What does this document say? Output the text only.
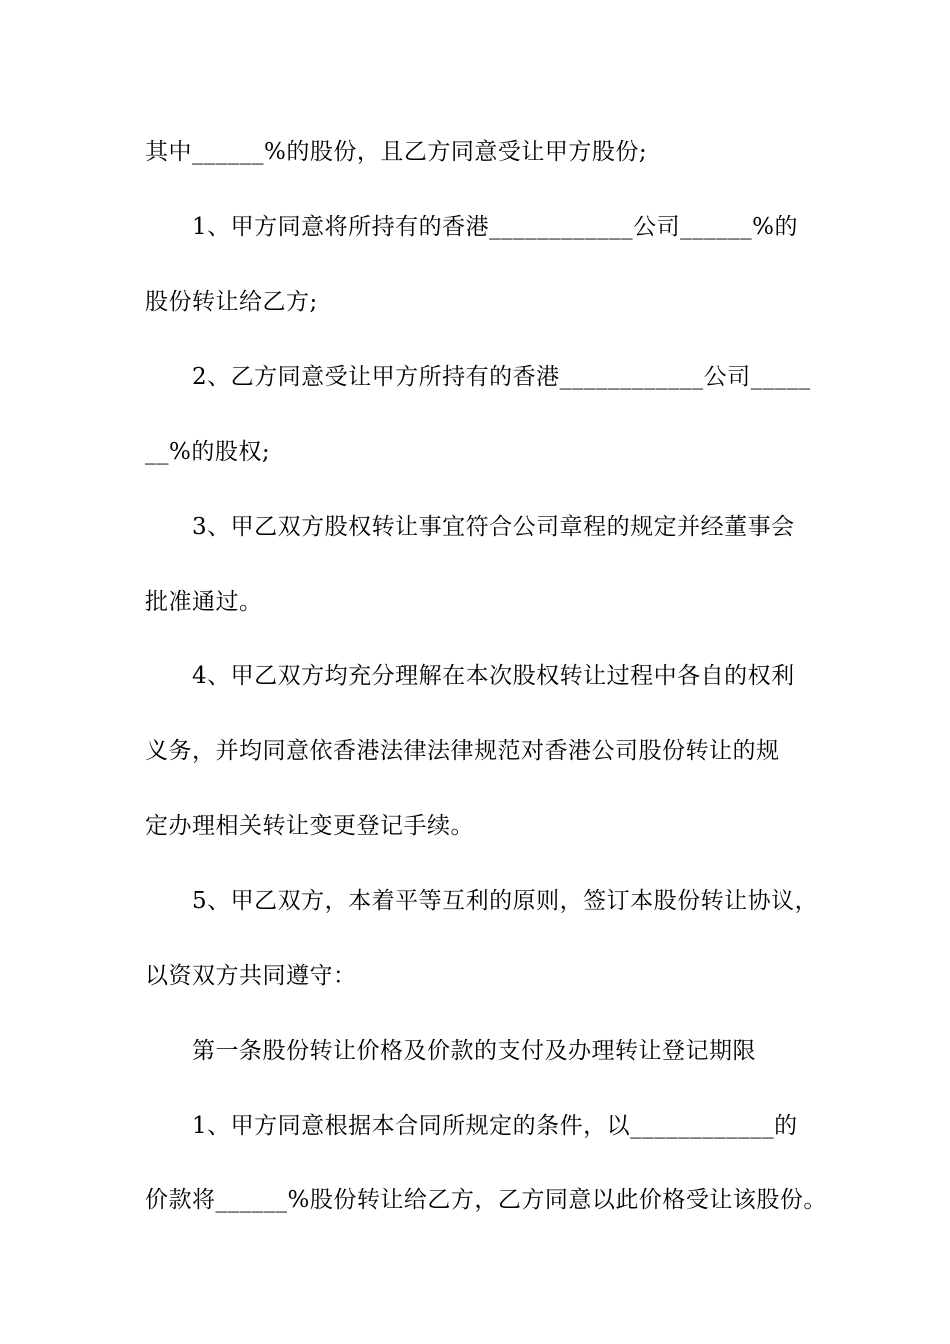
其中______%的股份，且乙方同意受让甲方股份;
1、甲方同意将所持有的香港____________公司______%的
股份转让给乙方;
2、乙方同意受让甲方所持有的香港____________公司_____
__%的股权;
3、甲乙双方股权转让事宜符合公司章程的规定并经董事会
批准通过。
4、甲乙双方均充分理解在本次股权转让过程中各自的权利
义务，并均同意依香港法律法律规范对香港公司股份转让的规
定办理相关转让变更登记手续。
5、甲乙双方，本着平等互利的原则，签订本股份转让协议，
以资双方共同遵守：
第一条股份转让价格及价款的支付及办理转让登记期限
1、甲方同意根据本合同所规定的条件，以____________的
价款将______%股份转让给乙方，乙方同意以此价格受让该股份。
